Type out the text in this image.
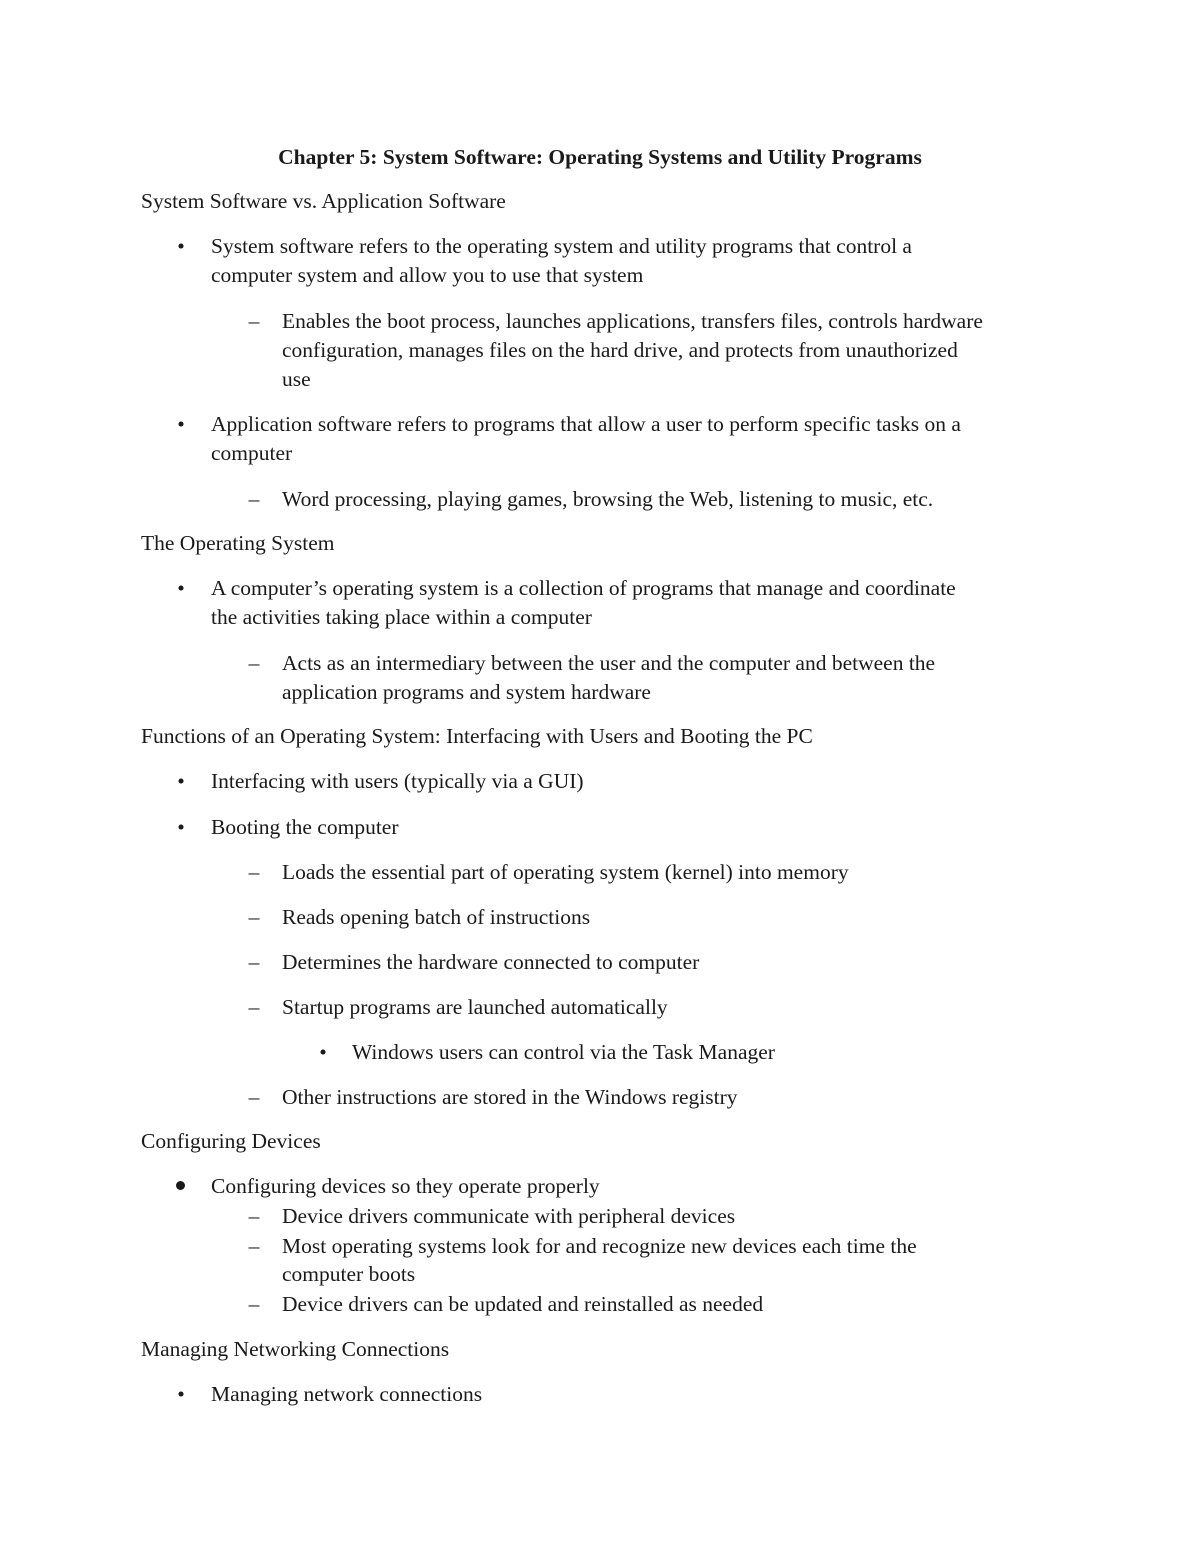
Chapter 5: System Software: Operating Systems and Utility Programs
System Software vs. Application Software
• System software refers to the operating system and utility programs that control a
computer system and allow you to use that system
– Enables the boot process, launches applications, transfers files, controls hardware
configuration, manages files on the hard drive, and protects from unauthorized
use
• Application software refers to programs that allow a user to perform specific tasks on a
computer
– Word processing, playing games, browsing the Web, listening to music, etc.
The Operating System
• A computer’s operating system is a collection of programs that manage and coordinate
the activities taking place within a computer
– Acts as an intermediary between the user and the computer and between the
application programs and system hardware
Functions of an Operating System: Interfacing with Users and Booting the PC
• Interfacing with users (typically via a GUI)
• Booting the computer
– Loads the essential part of operating system (kernel) into memory
– Reads opening batch of instructions
– Determines the hardware connected to computer
– Startup programs are launched automatically
• Windows users can control via the Task Manager
– Other instructions are stored in the Windows registry
Configuring Devices
Configuring devices so they operate properly
– Device drivers communicate with peripheral devices
– Most operating systems look for and recognize new devices each time the
computer boots
– Device drivers can be updated and reinstalled as needed
Managing Networking Connections
• Managing network connections
